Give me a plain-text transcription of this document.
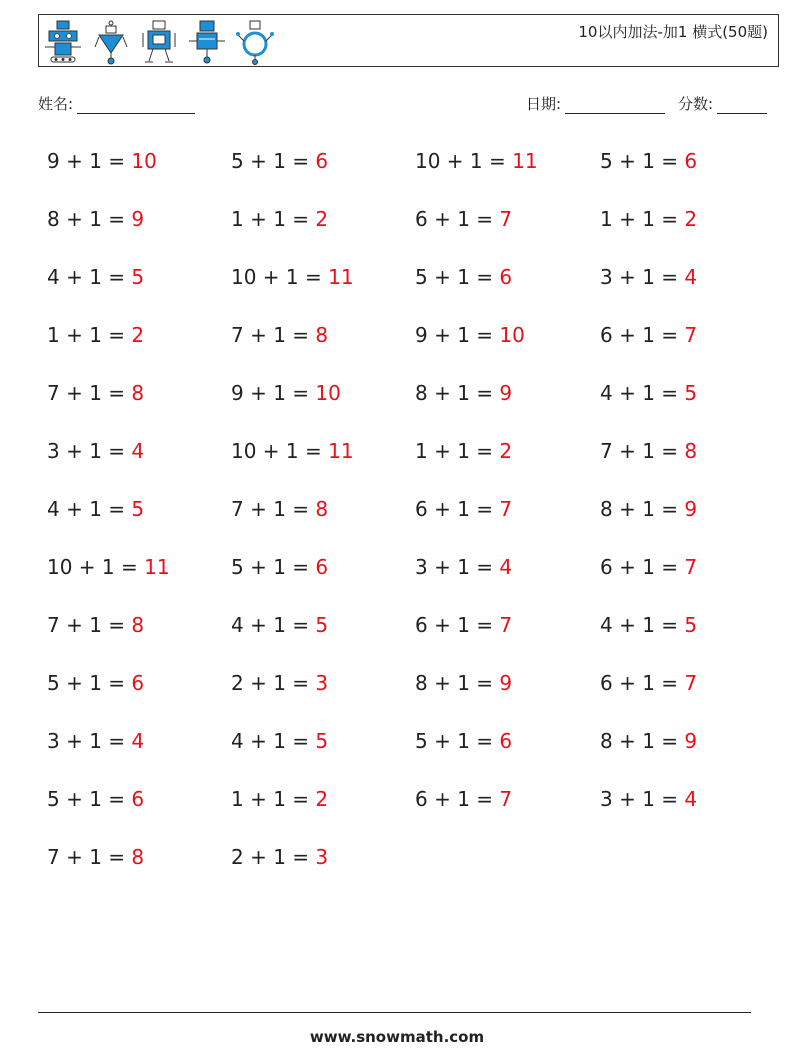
10以内加法-加1 横式(50题)
姓名:	日期:	分数:
9 + 1 = 10	5 + 1 = 6	10 + 1 = 11	5 + 1 = 6
8 + 1 = 9	1 + 1 = 2	6 + 1 = 7	1 + 1 = 2
4 + 1 = 5	10 + 1 = 11	5 + 1 = 6	3 + 1 = 4
1 + 1 = 2	7 + 1 = 8	9 + 1 = 10	6 + 1 = 7
7 + 1 = 8	9 + 1 = 10	8 + 1 = 9	4 + 1 = 5
3 + 1 = 4	10 + 1 = 11	1 + 1 = 2	7 + 1 = 8
4 + 1 = 5	7 + 1 = 8	6 + 1 = 7	8 + 1 = 9
10 + 1 = 11	5 + 1 = 6	3 + 1 = 4	6 + 1 = 7
7 + 1 = 8	4 + 1 = 5	6 + 1 = 7	4 + 1 = 5
5 + 1 = 6	2 + 1 = 3	8 + 1 = 9	6 + 1 = 7
3 + 1 = 4	4 + 1 = 5	5 + 1 = 6	8 + 1 = 9
5 + 1 = 6	1 + 1 = 2	6 + 1 = 7	3 + 1 = 4
7 + 1 = 8	2 + 1 = 3
www.snowmath.com
